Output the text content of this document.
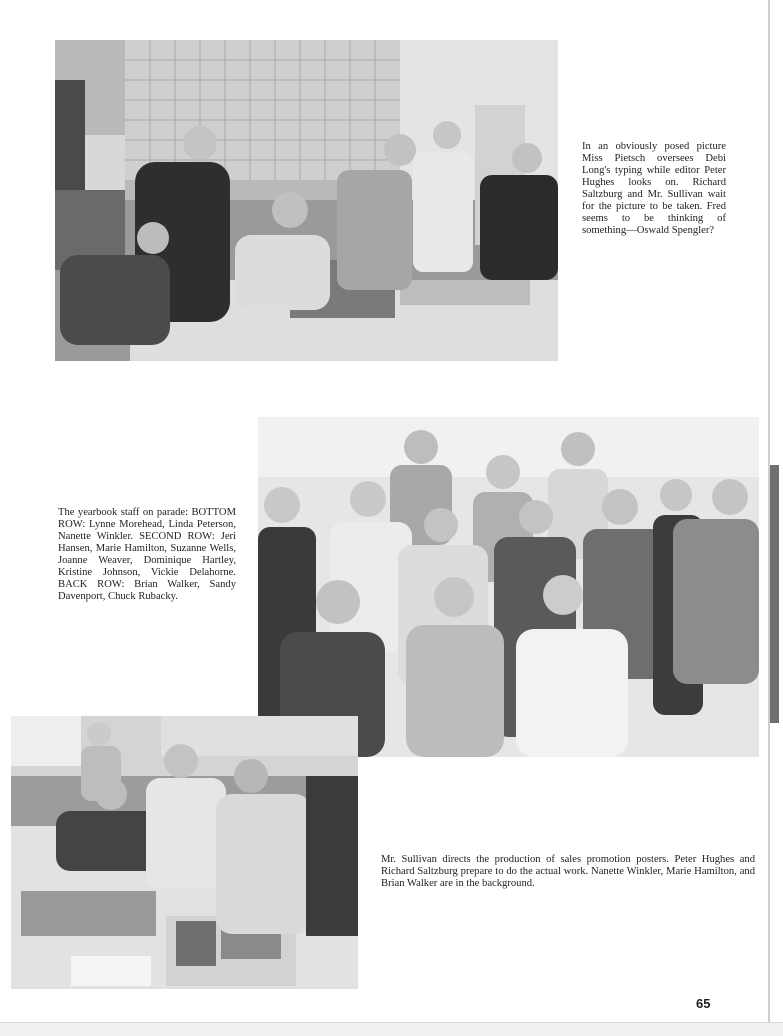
In an obviously posed picture Miss Pietsch oversees Debi Long's typing while editor Peter Hughes looks on. Richard Saltzburg and Mr. Sullivan wait for the picture to be taken. Fred seems to be thinking of something—Oswald Spengler?

The yearbook staff on parade: BOTTOM ROW: Lynne Morehead, Linda Peterson, Nanette Winkler. SECOND ROW: Jeri Hansen, Marie Hamilton, Suzanne Wells, Joanne Weaver, Dominique Hartley, Kristine Johnson, Vickie Delahorne. BACK ROW: Brian Walker, Sandy Davenport, Chuck Rubacky.

Mr. Sullivan directs the production of sales promotion posters. Peter Hughes and Richard Saltzburg prepare to do the actual work. Nanette Winkler, Marie Hamilton, and Brian Walker are in the background.

65
